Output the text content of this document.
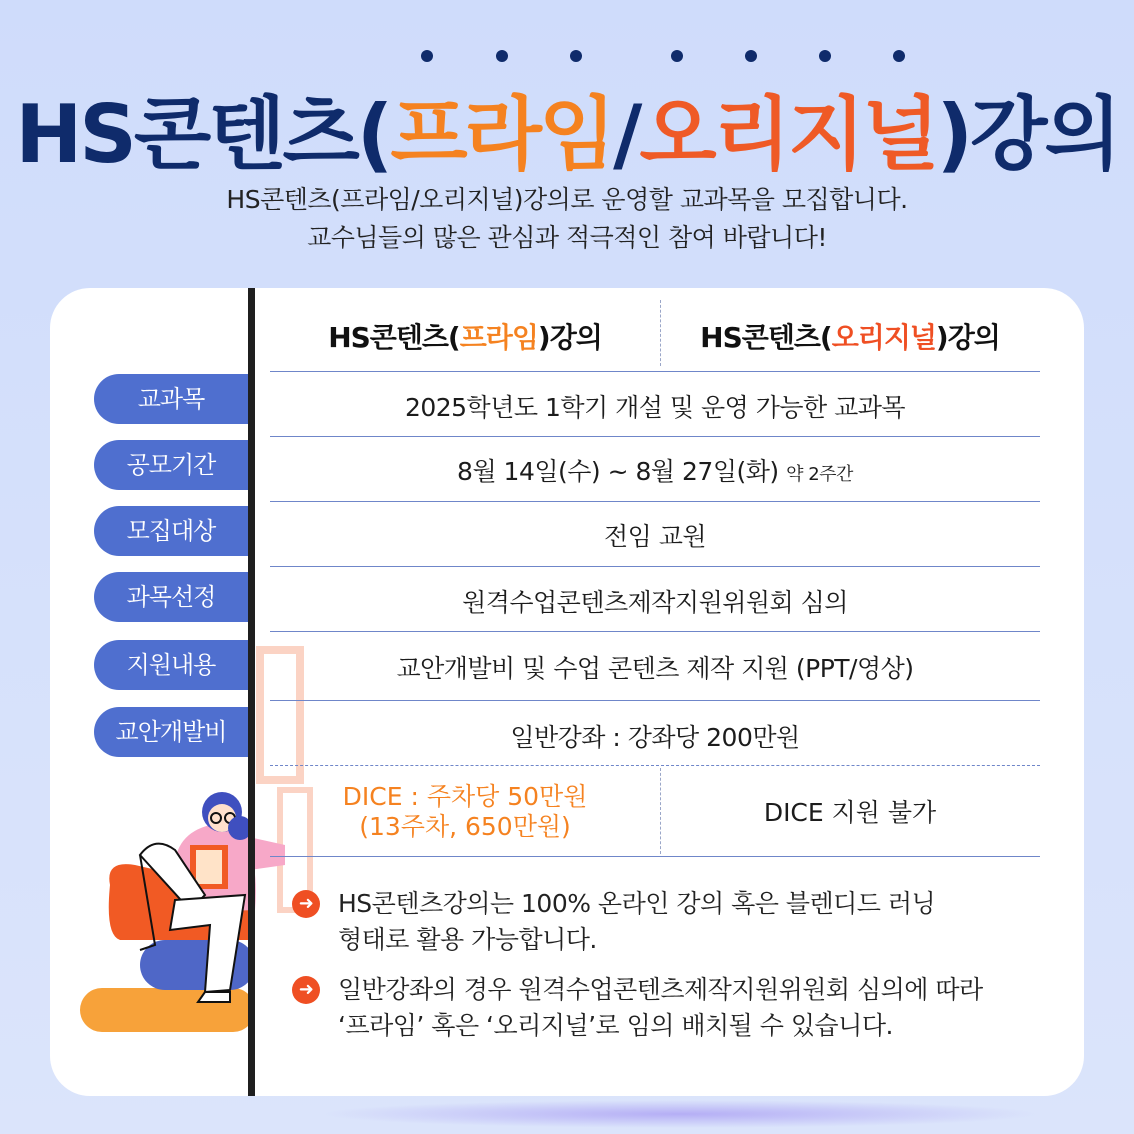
HS콘텐츠(
프라임/
오리지널)강의
HS콘텐츠(프라임/오리지널)강의로 운영할 교과목을 모집합니다.
교수님들의 많은 관심과 적극적인 참여 바랍니다!
HS콘텐츠(프라임)강의	HS콘텐츠(오리지널)강의
교과목
공모기간
모집대상
과목선정
지원내용
교안개발비
2025학년도 1학기 개설 및 운영 가능한 교과목
8월 14일(수) ~ 8월 27일(화) 약 2주간
전임 교원
원격수업콘텐츠제작지원위원회 심의
교안개발비 및 수업 콘텐츠 제작 지원 (PPT/영상)
일반강좌 : 강좌당 200만원
DICE : 주차당 50만원
(13주차, 650만원)	DICE 지원 불가
➜ HS콘텐츠강의는 100% 온라인 강의 혹은 블렌디드 러닝
형태로 활용 가능합니다.
➜ 일반강좌의 경우 원격수업콘텐츠제작지원위원회 심의에 따라
‘프라임’ 혹은 ‘오리지널’로 임의 배치될 수 있습니다.
